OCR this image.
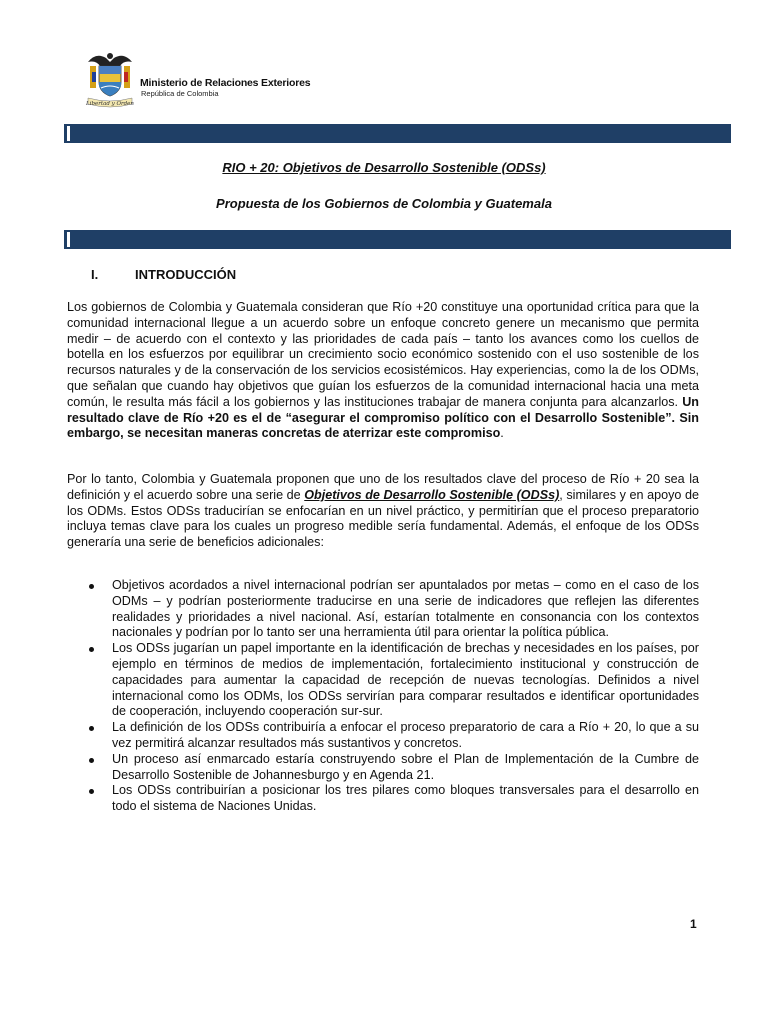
Libertad y Orden
Ministerio de Relaciones Exteriores
República de Colombia
RIO + 20: Objetivos de Desarrollo Sostenible (ODSs)
Propuesta de los Gobiernos de Colombia y Guatemala
I.	INTRODUCCIÓN

Los gobiernos de Colombia y Guatemala consideran que Río +20 constituye una oportunidad crítica para que la comunidad internacional llegue a un acuerdo sobre un enfoque concreto genere un mecanismo que permita medir – de acuerdo con el contexto y las prioridades de cada país – tanto los avances como los cuellos de botella en los esfuerzos por equilibrar un crecimiento socio económico sostenido con el uso sostenible de los recursos naturales y de la conservación de los servicios ecosistémicos. Hay experiencias, como la de los ODMs, que señalan que cuando hay objetivos que guían los esfuerzos de la comunidad internacional hacia una meta común, le resulta más fácil a los gobiernos y las instituciones trabajar de manera conjunta para alcanzarlos. Un resultado clave de Río +20 es el de “asegurar el compromiso político con el Desarrollo Sostenible”. Sin embargo, se necesitan maneras concretas de aterrizar este compromiso.

Por lo tanto, Colombia y Guatemala proponen que uno de los resultados clave del proceso de Río + 20 sea la definición y el acuerdo sobre una serie de Objetivos de Desarrollo Sostenible (ODSs), similares y en apoyo de los ODMs. Estos ODSs traducirían se enfocarían en un nivel práctico, y permitirían que el proceso preparatorio incluya temas clave para los cuales un progreso medible sería fundamental. Además, el enfoque de los ODSs generaría una serie de beneficios adicionales:

Objetivos acordados a nivel internacional podrían ser apuntalados por metas – como en el caso de los ODMs – y podrían posteriormente traducirse en una serie de indicadores que reflejen las diferentes realidades y prioridades a nivel nacional. Así, estarían totalmente en consonancia con los contextos nacionales y podrían por lo tanto ser una herramienta útil para orientar la política pública.
Los ODSs jugarían un papel importante en la identificación de brechas y necesidades en los países, por ejemplo en términos de medios de implementación, fortalecimiento institucional y construcción de capacidades para aumentar la capacidad de recepción de nuevas tecnologías. Definidos a nivel internacional como los ODMs, los ODSs servirían para comparar resultados e identificar oportunidades de cooperación, incluyendo cooperación sur-sur.
La definición de los ODSs contribuiría a enfocar el proceso preparatorio de cara a Río + 20, lo que a su vez permitirá alcanzar resultados más sustantivos y concretos.
Un proceso así enmarcado estaría construyendo sobre el Plan de Implementación de la Cumbre de Desarrollo Sostenible de Johannesburgo y en Agenda 21.
Los ODSs contribuirían a posicionar los tres pilares como bloques transversales para el desarrollo en todo el sistema de Naciones Unidas.
1
